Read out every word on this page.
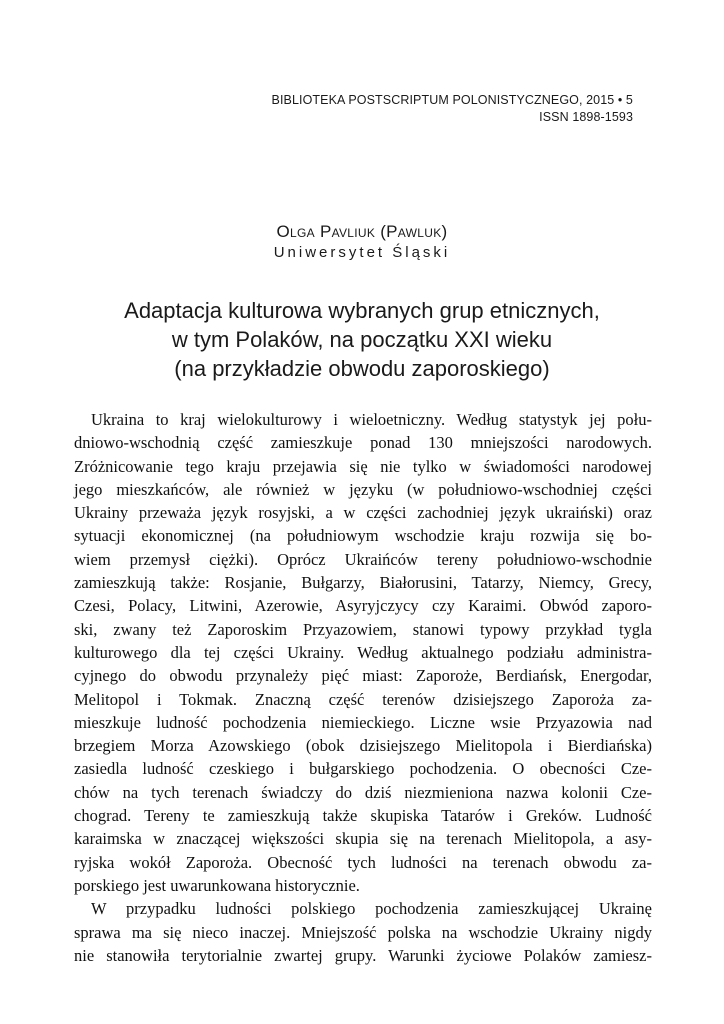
BIBLIOTEKA POSTSCRIPTUM POLONISTYCZNEGO, 2015 • 5
ISSN 1898-1593
Olga Pavliuk (Pawluk)
Uniwersytet Śląski
Adaptacja kulturowa wybranych grup etnicznych,
w tym Polaków, na początku XXI wieku
(na przykładzie obwodu zaporoskiego)
Ukraina to kraj wielokulturowy i wieloetniczny. Według statystyk jej połu-
dniowo-wschodnią część zamieszkuje ponad 130 mniejszości narodowych.
Zróżnicowanie tego kraju przejawia się nie tylko w świadomości narodowej
jego mieszkańców, ale również w języku (w południowo-wschodniej części
Ukrainy przeważa język rosyjski, a w części zachodniej język ukraiński) oraz
sytuacji ekonomicznej (na południowym wschodzie kraju rozwija się bo-
wiem przemysł ciężki). Oprócz Ukraińców tereny południowo-wschodnie
zamieszkują także: Rosjanie, Bułgarzy, Białorusini, Tatarzy, Niemcy, Grecy,
Czesi, Polacy, Litwini, Azerowie, Asyryjczycy czy Karaimi. Obwód zaporo-
ski, zwany też Zaporoskim Przyazowiem, stanowi typowy przykład tygla
kulturowego dla tej części Ukrainy. Według aktualnego podziału administra-
cyjnego do obwodu przynależy pięć miast: Zaporoże, Berdiańsk, Energodar,
Melitopol i Tokmak. Znaczną część terenów dzisiejszego Zaporoża za-
mieszkuje ludność pochodzenia niemieckiego. Liczne wsie Przyazowia nad
brzegiem Morza Azowskiego (obok dzisiejszego Mielitopola i Bierdiańska)
zasiedla ludność czeskiego i bułgarskiego pochodzenia. O obecności Cze-
chów na tych terenach świadczy do dziś niezmieniona nazwa kolonii Cze-
chograd. Tereny te zamieszkują także skupiska Tatarów i Greków. Ludność
karaimska w znaczącej większości skupia się na terenach Mielitopola, a asy-
ryjska wokół Zaporoża. Obecność tych ludności na terenach obwodu za-
porskiego jest uwarunkowana historycznie.
W przypadku ludności polskiego pochodzenia zamieszkującej Ukrainę
sprawa ma się nieco inaczej. Mniejszość polska na wschodzie Ukrainy nigdy
nie stanowiła terytorialnie zwartej grupy. Warunki życiowe Polaków zamiesz-
